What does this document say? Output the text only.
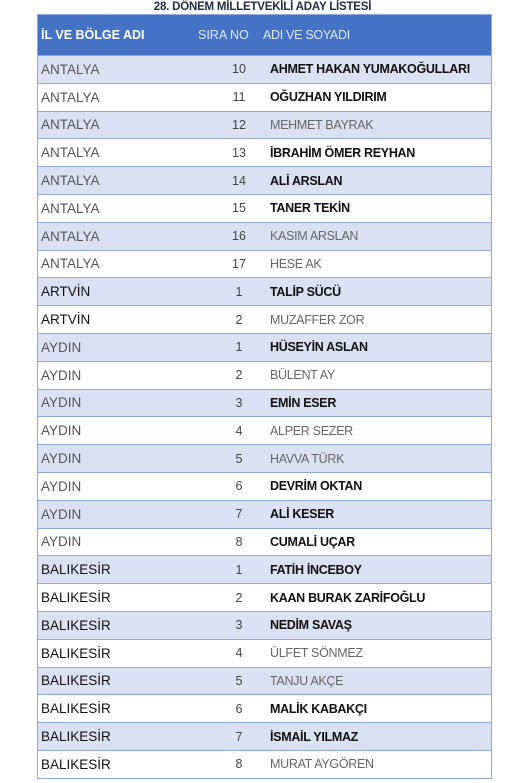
28. DÖNEM MİLLETVEKİLİ ADAY LİSTESİ
İL VE BÖLGE ADI	SIRA NO	ADI VE SOYADI
ANTALYA	10	AHMET HAKAN YUMAKOĞULLARI
ANTALYA	11	OĞUZHAN YILDIRIM
ANTALYA	12	MEHMET BAYRAK
ANTALYA	13	İBRAHİM ÖMER REYHAN
ANTALYA	14	ALİ ARSLAN
ANTALYA	15	TANER TEKİN
ANTALYA	16	KASIM ARSLAN
ANTALYA	17	HESE AK
ARTVİN	1	TALİP SÜCÜ
ARTVİN	2	MUZAFFER ZOR
AYDIN	1	HÜSEYİN ASLAN
AYDIN	2	BÜLENT AY
AYDIN	3	EMİN ESER
AYDIN	4	ALPER SEZER
AYDIN	5	HAVVA TÜRK
AYDIN	6	DEVRİM OKTAN
AYDIN	7	ALİ KESER
AYDIN	8	CUMALİ UÇAR
BALIKESİR	1	FATİH İNCEBOY
BALIKESİR	2	KAAN BURAK ZARİFOĞLU
BALIKESİR	3	NEDİM SAVAŞ
BALIKESİR	4	ÜLFET SÖNMEZ
BALIKESİR	5	TANJU AKÇE
BALIKESİR	6	MALİK KABAKÇI
BALIKESİR	7	İSMAİL YILMAZ
BALIKESİR	8	MURAT AYGÖREN
